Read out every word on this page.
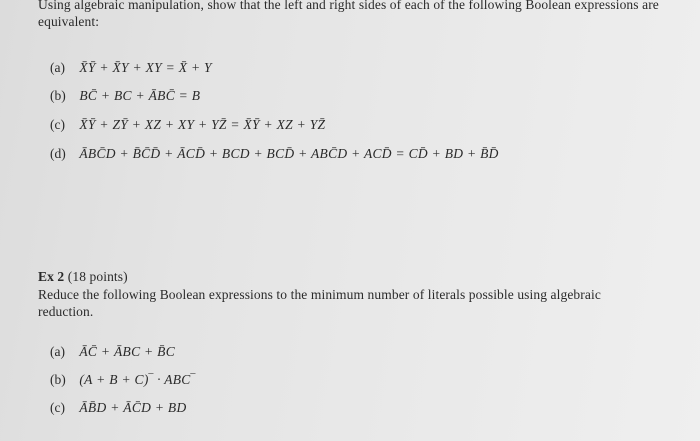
Using algebraic manipulation, show that the left and right sides of each of the following Boolean expressions are equivalent:
(a) X̄Ȳ + X̄Y + XY = X̄ + Y
(b) BC̄ + BC + ĀBC̄ = B
(c) X̄Ȳ + ZȲ + XZ + XY + YZ̄ = X̄Ȳ + XZ + YZ̄
(d) ĀBC̄D + B̄C̄D̄ + ĀCD̄ + BCD + BCD̄ + ABC̄D + ACD̄ = CD̄ + BD + B̄D̄
Ex 2 (18 points)
Reduce the following Boolean expressions to the minimum number of literals possible using algebraic reduction.
(a) ĀC̄ + ĀBC + B̄C
(b) (A + B + C)‾ · ABC‾
(c) ĀB̄D + ĀC̄D + BD
